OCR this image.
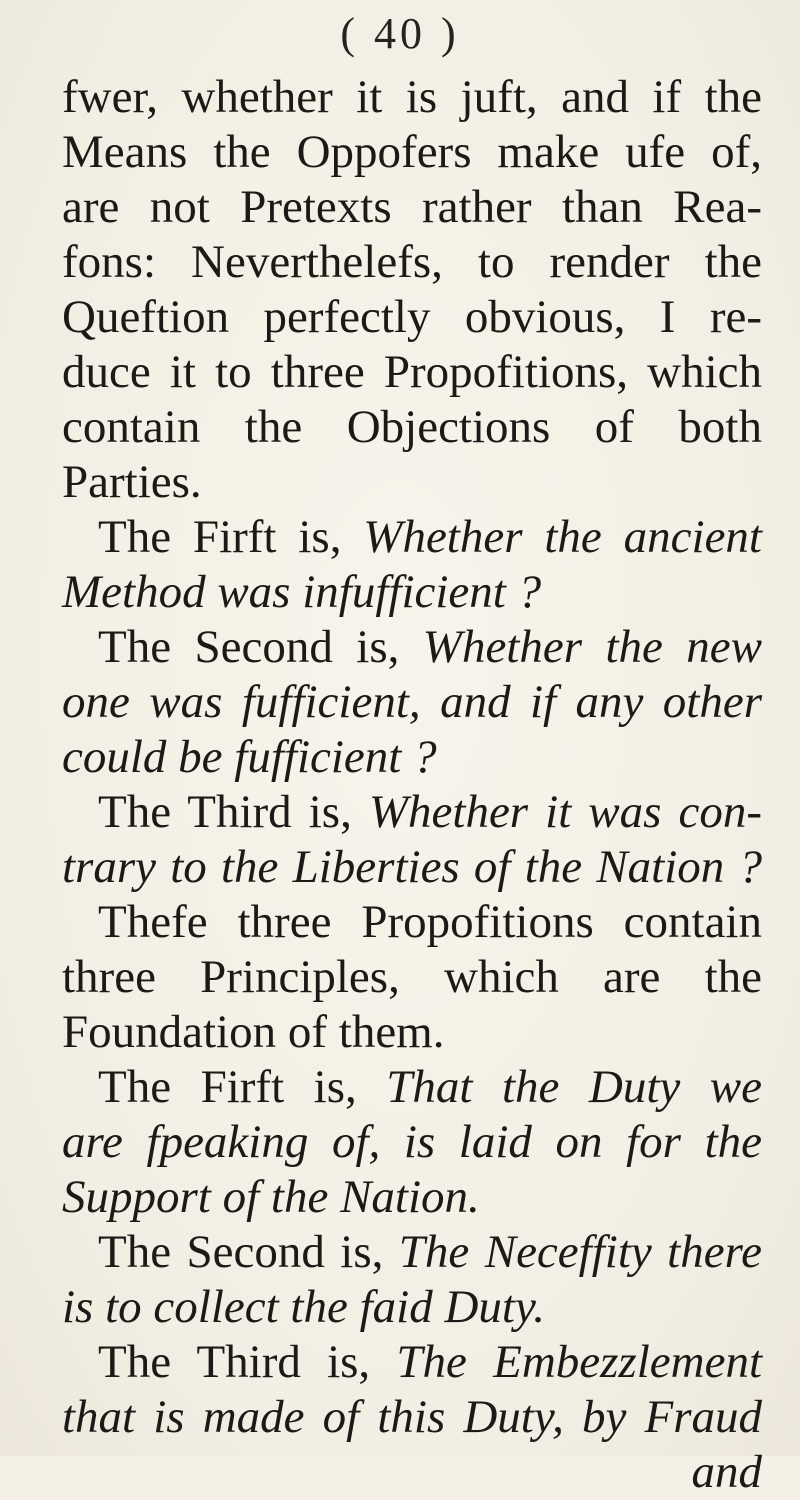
( 40 )
fwer, whether it is juft, and if the
Means the Oppofers make ufe of,
are not Pretexts rather than Rea-
fons: Neverthelefs, to render the
Queftion perfectly obvious, I re-
duce it to three Propofitions, which
contain the Objections of both
Parties.
The Firft is, Whether the ancient
Method was infufficient ?
The Second is, Whether the new
one was fufficient, and if any other
could be fufficient ?
The Third is, Whether it was con-
trary to the Liberties of the Nation ?
Thefe three Propofitions contain
three Principles, which are the
Foundation of them.
The Firft is, That the Duty we
are fpeaking of, is laid on for the
Support of the Nation.
The Second is, The Neceffity there
is to collect the faid Duty.
The Third is, The Embezzlement
that is made of this Duty, by Fraud
and
